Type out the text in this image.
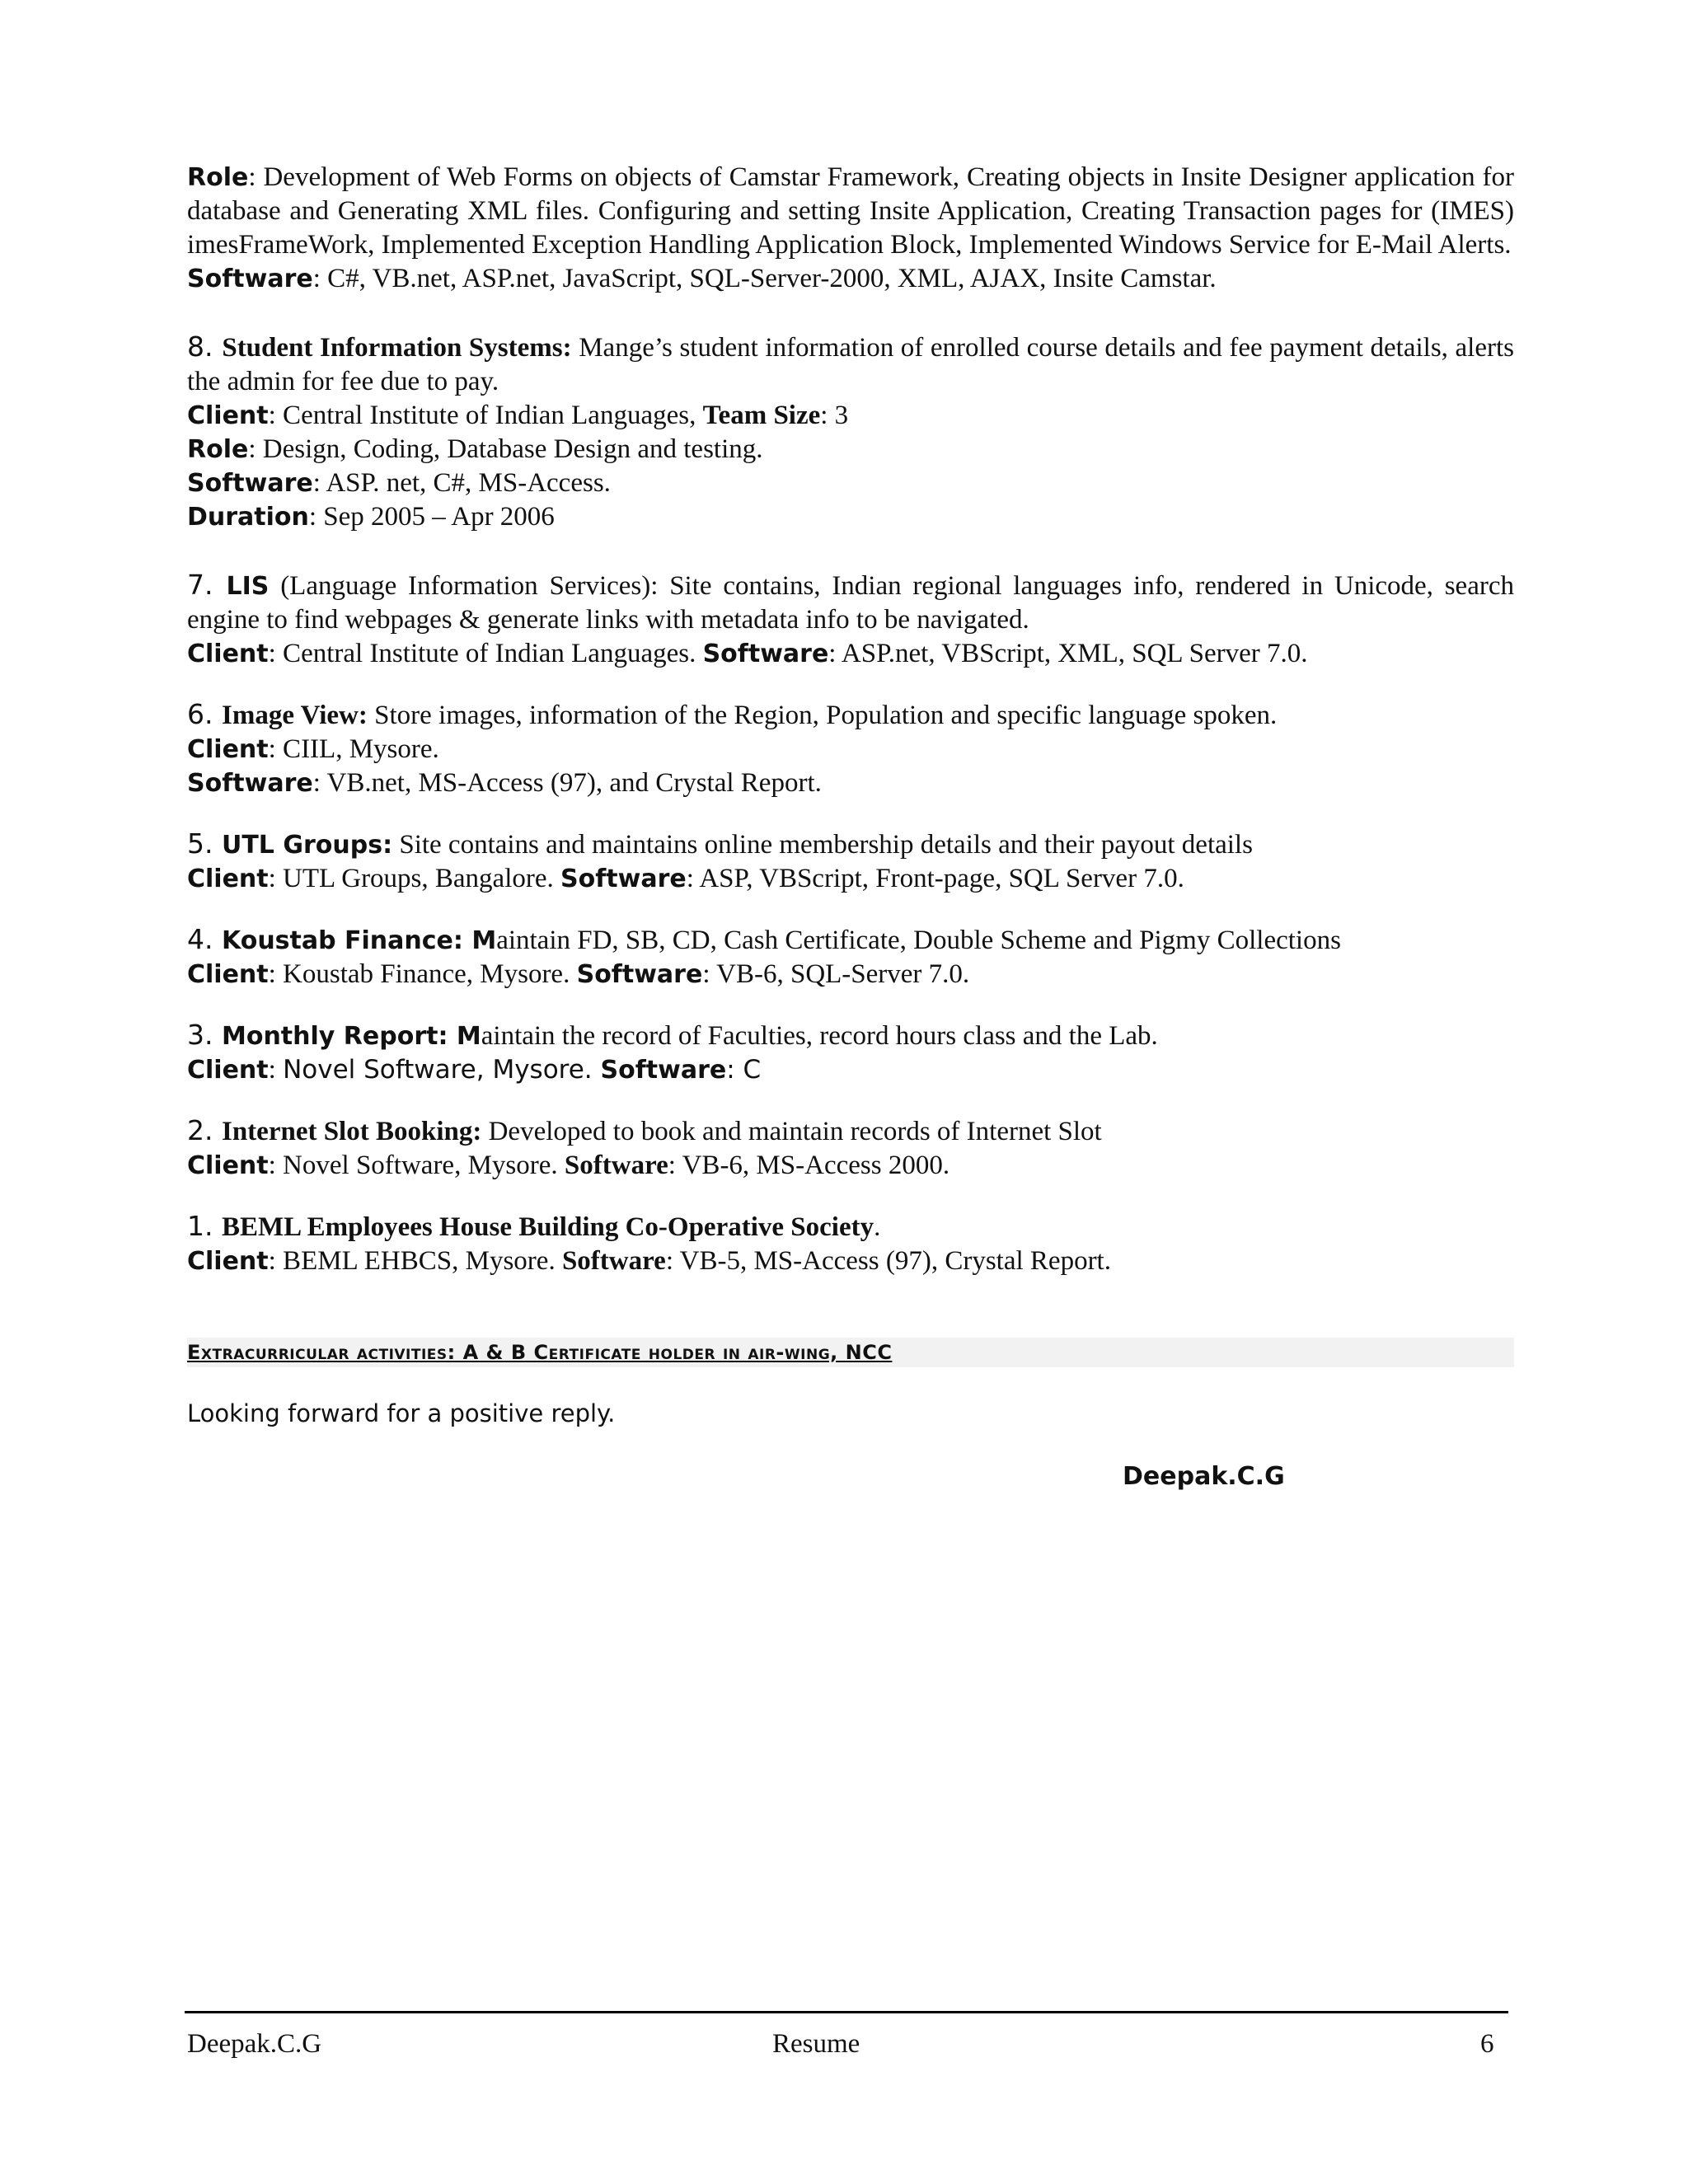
Role: Development of Web Forms on objects of Camstar Framework, Creating objects in Insite Designer application for database and Generating XML files. Configuring and setting Insite Application, Creating Transaction pages for (IMES) imesFrameWork, Implemented Exception Handling Application Block, Implemented Windows Service for E-Mail Alerts.

Software: C#, VB.net, ASP.net, JavaScript, SQL-Server-2000, XML, AJAX, Insite Camstar.

8. Student Information Systems: Mange’s student information of enrolled course details and fee payment details, alerts the admin for fee due to pay.

Client: Central Institute of Indian Languages, Team Size: 3

Role: Design, Coding, Database Design and testing.

Software: ASP. net, C#, MS-Access.

Duration: Sep 2005 – Apr 2006

7. LIS (Language Information Services): Site contains, Indian regional languages info, rendered in Unicode, search engine to find webpages & generate links with metadata info to be navigated.

Client: Central Institute of Indian Languages. Software: ASP.net, VBScript, XML, SQL Server 7.0.

6. Image View: Store images, information of the Region, Population and specific language spoken.

Client: CIIL, Mysore.

Software: VB.net, MS-Access (97), and Crystal Report.

5. UTL Groups: Site contains and maintains online membership details and their payout details

Client: UTL Groups, Bangalore. Software: ASP, VBScript, Front-page, SQL Server 7.0.

4. Koustab Finance: Maintain FD, SB, CD, Cash Certificate, Double Scheme and Pigmy Collections

Client: Koustab Finance, Mysore. Software: VB-6, SQL-Server 7.0.

3. Monthly Report: Maintain the record of Faculties, record hours class and the Lab.

Client: Novel Software, Mysore. Software: C

2. Internet Slot Booking: Developed to book and maintain records of Internet Slot

Client: Novel Software, Mysore. Software: VB-6, MS-Access 2000.

1. BEML Employees House Building Co-Operative Society.

Client: BEML EHBCS, Mysore. Software: VB-5, MS-Access (97), Crystal Report.

Extracurricular activities: A & B Certificate holder in air-wing, NCC
Looking forward for a positive reply.
Deepak.C.G
Deepak.C.G	Resume	6
